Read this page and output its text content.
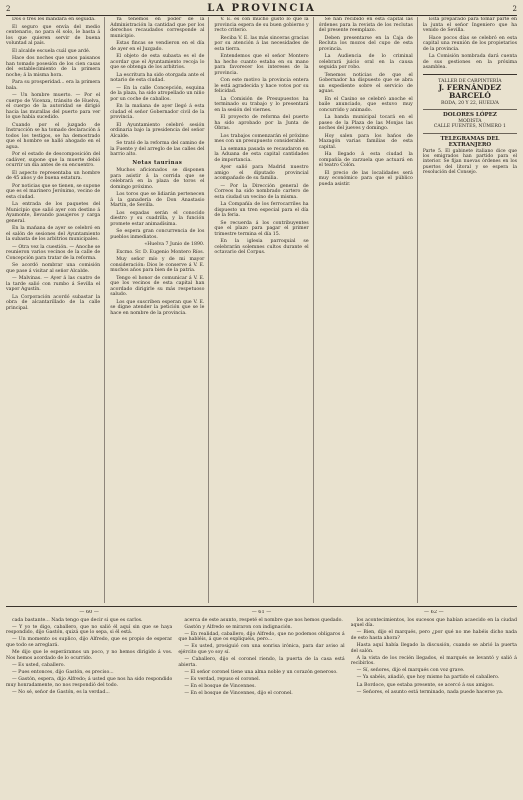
2	LA PROVINCIA	2

Dos ó tres les mandará en seguida.

El seguro que envía del medio centenario, no para él solo, le basta á los que quieren servir de buena voluntad al país.

El alcalde escuela cuál que ardé.

Hace dos noches que unos paisanos han tomado posesión de los cien casas del establecimiento de la primera noche; á la misma hora.

Para su prosperidad... era la primera bala.

— Un hombre muerto. — Por el cuerpo de Vicenza, tránsito de Huelva, el cuerpo de la autoridad se dirigió hacia las murallas del puerto para ver lo que había sucedido.

Cuando por el juzgado de Instrucción se ha tomado declaración á todos los testigos, se ha demostrado que el hombre se halló ahogado en el agua.

Por el estado de descomposición del cadáver, supone que la muerte debió ocurrir un día antes de su encuentro.

El aspecto representaba un hombre de 45 años y de buena estatura.

Por noticias que se tienen, se supone que es el marinero Jerónimo, vecino de esta ciudad.

La entrada de los paquetes del Municipio que salió ayer con destino á Ayamonte, llevando pasajeros y carga general.

En la mañana de ayer se celebró en el salón de sesiones del Ayuntamiento la subasta de los arbitrios municipales.

— Otra vez la cuestión. — Anoche se reunieron varios vecinos de la calle de Concepción para tratar de la reforma.

Se acordó nombrar una comisión que pase á visitar al señor Alcalde.

— Malvinas. — Ayer á las cuatro de la tarde salió con rumbo á Sevilla el vapor Agustín.

La Corporación acordó subastar la obra de alcantarillado de la calle principal.

Ya tenemos en poder de la Administración la cantidad que por los derechos recaudados corresponde al municipio.

Estas fincas se vendieron en el día de ayer en el Juzgado.

El objeto de esta subasta es el de acordar que el Ayuntamiento recoja lo que se obtenga de los arbitrios.

La escritura ha sido otorgada ante el notario de esta ciudad.

— En la calle Concepción, esquina de la plaza, ha sido atropellado un niño por un coche de caballos.

En la mañana de ayer llegó á esta ciudad el señor Gobernador civil de la provincia.

El Ayuntamiento celebró sesión ordinaria bajo la presidencia del señor Alcalde.

Se trató de la reforma del camino de la Fuente y del arreglo de las calles del barrio alto.

Notas taurinas

Muchos aficionados se disponen para asistir á la corrida que se celebrará en la plaza de toros el domingo próximo.

Los toros que se lidiarán pertenecen á la ganadería de Don Anastasio Martín, de Sevilla.

Los espadas serán el conocido diestro y su cuadrilla, y la función promete estar animadísima.

Se espera gran concurrencia de los pueblos inmediatos.

«Huelva 7 Junio de 1890.

Excmo. Sr. D. Eugenio Montero Ríos.

Muy señor mío y de mi mayor consideración: Dios le conserve á V. E. muchos años para bien de la patria.

Tengo el honor de comunicar á V. E. que los vecinos de esta capital han acordado dirigirle su más respetuoso saludo.

Los que suscriben esperan que V. E. se digne atender la petición que se le hace en nombre de la provincia.

V. E. es con mucho gusto lo que la provincia espera de su buen gobierno y recto criterio.

Reciba V. E. las más sinceras gracias por su atención á las necesidades de esta tierra.

Entendemos que el señor Montero ha hecho cuanto estaba en su mano para favorecer los intereses de la provincia.

Con este motivo la provincia entera le está agradecida y hace votos por su felicidad.

La Comisión de Presupuestos ha terminado su trabajo y lo presentará en la sesión del viernes.

El proyecto de reforma del puerto ha sido aprobado por la Junta de Obras.

Los trabajos comenzarán el próximo mes con un presupuesto considerable.

La semana pasada se recaudaron en la Aduana de esta capital cantidades de importancia.

Ayer salió para Madrid nuestro amigo el diputado provincial acompañado de su familia.

— Por la Dirección general de Correos ha sido nombrado cartero de esta ciudad un vecino de la misma.

La Compañía de los ferrocarriles ha dispuesto un tren especial para el día de la feria.

Se recuerda á los contribuyentes que el plazo para pagar el primer trimestre termina el día 15.

En la iglesia parroquial se celebrarán solemnes cultos durante el octavario del Corpus.

Se han recibido en esta capital las órdenes para la revista de los reclutas del presente reemplazo.

Deben presentarse en la Caja de Recluta los mozos del cupo de esta provincia.

La Audiencia de lo criminal celebrará juicio oral en la causa seguida por robo.

Tenemos noticias de que el Gobernador ha dispuesto que se abra un expediente sobre el servicio de aguas.

En el Casino se celebró anoche el baile anunciado, que estuvo muy concurrido y animado.

La banda municipal tocará en el paseo de la Plaza de las Monjas las noches del jueves y domingo.

Hoy salen para los baños de Mazagón varias familias de esta capital.

Ha llegado á esta ciudad la compañía de zarzuela que actuará en el teatro Colón.

El precio de las localidades será muy económico para que el público pueda asistir.

Está preparado para tomar parte en la junta el señor Ingeniero que ha venido de Sevilla.

Hace pocos días se celebró en esta capital una reunión de los propietarios de la provincia.

La Comisión nombrada dará cuenta de sus gestiones en la próxima asamblea.

TALLER DE CARPINTERÍA
J. FERNÁNDEZ BARCELÓ
RODA, 20 Y 22, HUELVA
DOLORES LÓPEZ
MODISTA
CALLE FUENTES, NÚMERO 1
TELEGRAMAS DEL EXTRANJERO
Parte 5. El gabinete italiano dice que los emigrados han partido para el interior. Se fijan nuevas órdenes en los puertos del litoral y se espera la resolución del Consejo.
— 60 —

cada bastante... Nada tengo que decir si que es carlos.

— Y yo te digo, caballero, que no salió él aquí sin que se haya respondido, dijo Gastón, quizá que lo sepa, si él está.

— Un momento os suplico, dijo Alfredo, que es propio de esperar que todo se arreglará.

Me dijo que le esperáramos un poco, y no hemos dirigido á vos. Nos hemos acordado de lo ocurrido.

— Es usted, caballero.

— Pues entonces, dijo Gastón, es preciso...

— Gastón, espera, dijo Alfredo; á usted que nos ha sido respondido muy honradamente, no nos respondió del todo.

— No sé, señor de Gastón, es la verdad...

— 61 —

acerca de este asunto, respeté el nombre que nos hemos quedado.

Gastón y Alfredo se miraron con indignación.

— En realidad, caballero, dijo Alfredo, que no podemos obligaros á que habléis, á que os expliquéis, pero...

— Es usted, prosiguió con una sonrisa irónica, para dar aviso al ejército que yo soy sí.

— Caballero, dijo el coronel riendo, la puerta de la casa está abierta.

— El señor coronel tiene una alma noble y un corazón generoso.

— Es verdad, repuso el coronel.

— En el bosque de Vincennes.

— En el bosque de Vincennes, dijo el coronel.

— 62 —

los acontecimientos, los sucesos que habían acaecido en la ciudad aquel día.

— Bien, dijo el marqués, pero ¿por qué no me habéis dicho nada de esto hasta ahora?

Hasta aquí había llegado la discusión, cuando se abrió la puerta del salón.

A la vista de los recién llegados, el marqués se levantó y salió á recibirlos.

— Sí, señores, dijo el marqués con voz grave.

— Ya sabéis, añadió, que hoy mismo ha partido el caballero.

La Bordoce, que estaba presente, se acercó á sus amigos.

— Señores, el asunto está terminado, nada puede hacerse ya.
